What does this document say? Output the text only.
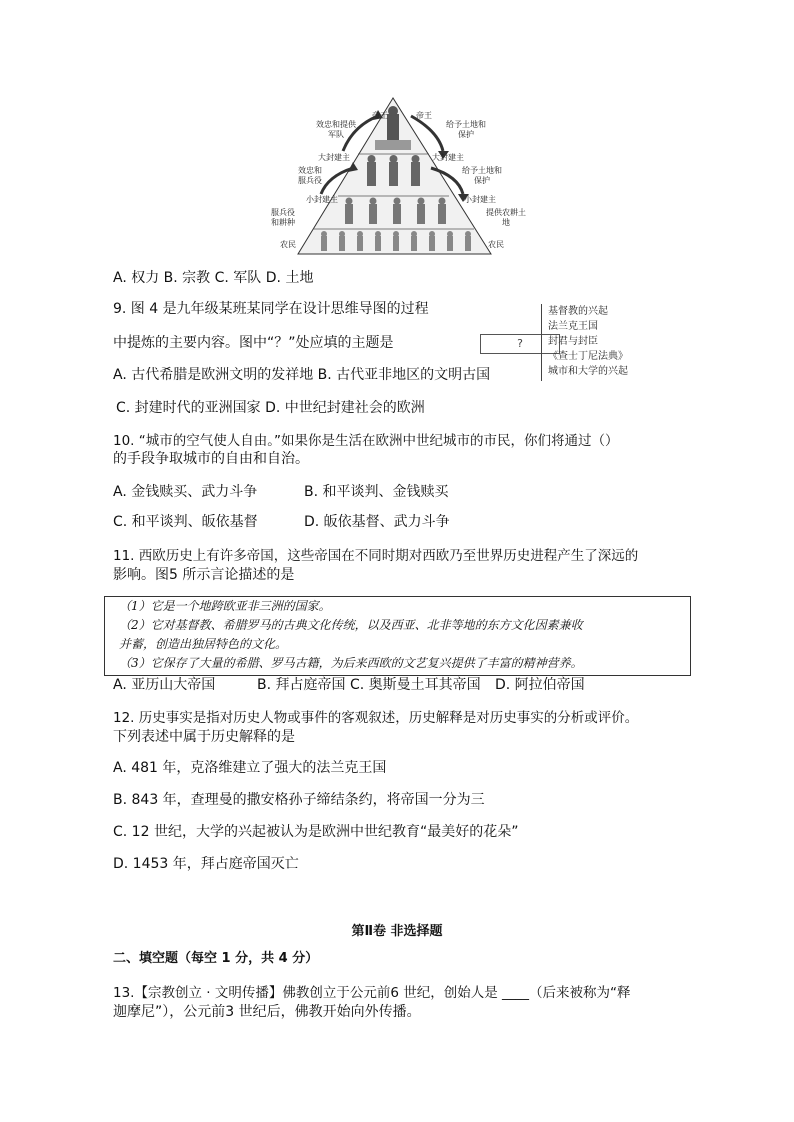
帝王	帝王
效忠和提供军队
给予土地和保护
大封建主	大封建主
效忠和服兵役
给予土地和保护
小封建主	小封建主
服兵役和耕种
提供农耕土地
农民	农民
A. 权力 B. 宗教 C. 军队 D. 土地
9. 图 4 是九年级某班某同学在设计思维导图的过程
中提炼的主要内容。图中“？”处应填的主题是	?
基督教的兴起
法兰克王国
封君与封臣
《查士丁尼法典》
城市和大学的兴起
A. 古代希腊是欧洲文明的发祥地 B. 古代亚非地区的文明古国
C. 封建时代的亚洲国家 D. 中世纪封建社会的欧洲
10. “城市的空气使人自由。”如果你是生活在欧洲中世纪城市的市民，你们将通过（）
的手段争取城市的自由和自治。
A. 金钱赎买、武力斗争	B. 和平谈判、金钱赎买
C. 和平谈判、皈依基督	D. 皈依基督、武力斗争
11. 西欧历史上有许多帝国，这些帝国在不同时期对西欧乃至世界历史进程产生了深远的
影响。图5 所示言论描述的是
（1）它是一个地跨欧亚非三洲的国家。
（2）它对基督教、希腊罗马的古典文化传统，以及西亚、北非等地的东方文化因素兼收
并蓄，创造出独居特色的文化。
（3）它保存了大量的希腊、罗马古籍，为后来西欧的文艺复兴提供了丰富的精神营养。
A. 亚历山大帝国	B. 拜占庭帝国 C. 奥斯曼土耳其帝国 D. 阿拉伯帝国
12. 历史事实是指对历史人物或事件的客观叙述，历史解释是对历史事实的分析或评价。
下列表述中属于历史解释的是
A. 481 年，克洛维建立了强大的法兰克王国
B. 843 年，查理曼的撒安格孙子缔结条约，将帝国一分为三
C. 12 世纪，大学的兴起被认为是欧洲中世纪教育“最美好的花朵”
D. 1453 年，拜占庭帝国灭亡
第Ⅱ卷 非选择题
二、填空题（每空 1 分，共 4 分）
13.【宗教创立 · 文明传播】佛教创立于公元前6 世纪，创始人是 ____（后来被称为“释
迦摩尼”），公元前3 世纪后，佛教开始向外传播。
